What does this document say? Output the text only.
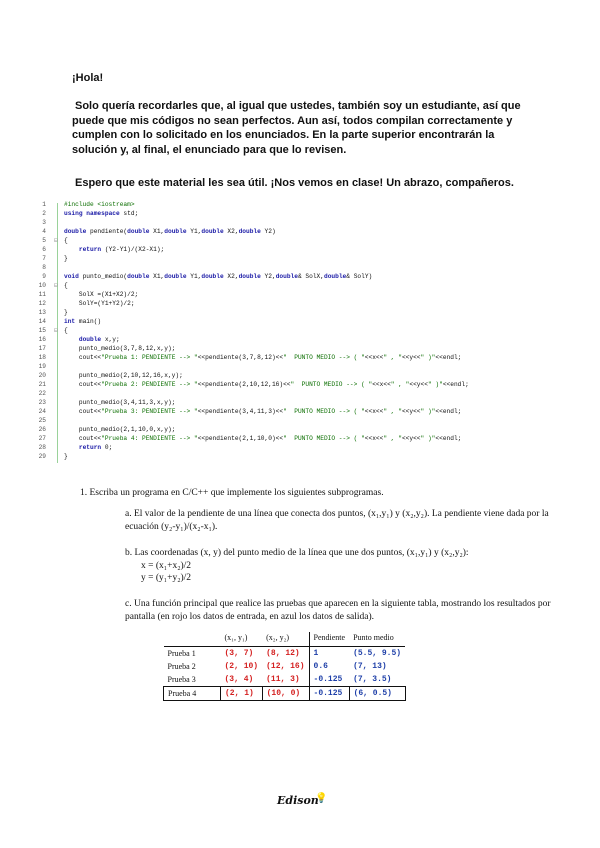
¡Hola!
Solo quería recordarles que, al igual que ustedes, también soy un estudiante, así que puede que mis códigos no sean perfectos. Aun así, todos compilan correctamente y cumplen con lo solicitado en los enunciados. En la parte superior encontrarán la solución y, al final, el enunciado para que lo revisen.
Espero que este material les sea útil. ¡Nos vemos en clase! Un abrazo, compañeros.
1	#include <iostream>
2	using namespace std;
3
4	double pendiente(double X1,double Y1,double X2,double Y2)
5 ⊟	{
6	return (Y2-Y1)/(X2-X1);
7	}
8
9	void punto_medio(double X1,double Y1,double X2,double Y2,double& SolX,double& SolY)
10 ⊟	{
11	SolX =(X1+X2)/2;
12	SolY=(Y1+Y2)/2;
13	}
14	int main()
15 ⊟	{
16	double x,y;
17	punto_medio(3,7,8,12,x,y);
18	cout<<"Prueba 1: PENDIENTE --> "<<pendiente(3,7,8,12)<<"  PUNTO MEDIO --> ( "<<x<<" , "<<y<<" )"<<endl;
19
20	punto_medio(2,10,12,16,x,y);
21	cout<<"Prueba 2: PENDIENTE --> "<<pendiente(2,10,12,16)<<"  PUNTO MEDIO --> ( "<<x<<" , "<<y<<" )"<<endl;
22
23	punto_medio(3,4,11,3,x,y);
24	cout<<"Prueba 3: PENDIENTE --> "<<pendiente(3,4,11,3)<<"  PUNTO MEDIO --> ( "<<x<<" , "<<y<<" )"<<endl;
25
26	punto_medio(2,1,10,0,x,y);
27	cout<<"Prueba 4: PENDIENTE --> "<<pendiente(2,1,10,0)<<"  PUNTO MEDIO --> ( "<<x<<" , "<<y<<" )"<<endl;
28	return 0;
29	}
1. Escriba un programa en C/C++ que implemente los siguientes subprogramas.
a. El valor de la pendiente de una línea que conecta dos puntos, (x₁,y₁) y (x₂,y₂). La pendiente viene dada por la ecuación (y₂-y₁)/(x₂-x₁).
b. Las coordenadas (x, y) del punto medio de la línea que une dos puntos, (x₁,y₁) y (x₂,y₂):
x = (x₁+x₂)/2
y = (y₁+y₂)/2
c. Una función principal que realice las pruebas que aparecen en la siguiente tabla, mostrando los resultados por pantalla (en rojo los datos de entrada, en azul los datos de salida).
	(x₁, y₁)	(x₂, y₂)	Pendiente	Punto medio
Prueba 1	(3, 7)	(8, 12)	1	(5.5, 9.5)
Prueba 2	(2, 10)	(12, 16)	0.6	(7, 13)
Prueba 3	(3, 4)	(11, 3)	-0.125	(7, 3.5)
Prueba 4	(2, 1)	(10, 0)	-0.125	(6, 0.5)
Edison
💡
